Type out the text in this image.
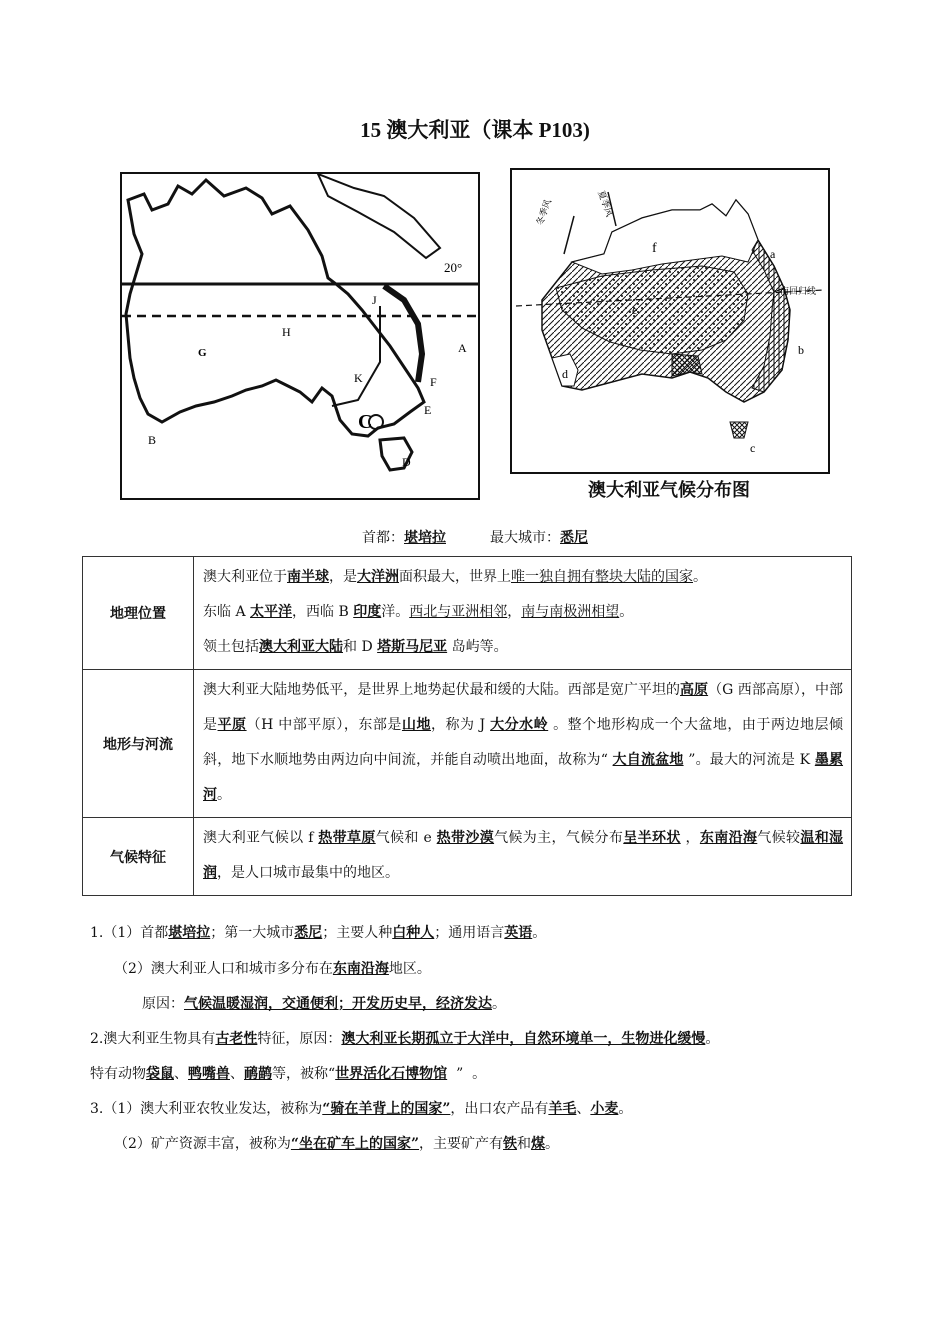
15 澳大利亚（课本 P103)
20°
J
H
A
G
K	F
E
C
B
D
冬季风	夏季风
南回归线
f	a
e
b
d
c
澳大利亚气候分布图
首都：堪培拉	最大城市：悉尼
地理位置	澳大利亚位于南半球，是大洋洲面积最大，世界上唯一独自拥有整块大陆的国家。
东临 A 太平洋，西临 B 印度洋。西北与亚洲相邻，南与南极洲相望。
领土包括澳大利亚大陆和 D 塔斯马尼亚 岛屿等。
地形与河流	澳大利亚大陆地势低平，是世界上地势起伏最和缓的大陆。西部是宽广平坦的高原（G 西部高原），中部是平原（H 中部平原），东部是山地，称为 J 大分水岭 。整个地形构成一个大盆地，由于两边地层倾斜，地下水顺地势由两边向中间流，并能自动喷出地面，故称为“ 大自流盆地 ”。最大的河流是 K 墨累河。
气候特征	澳大利亚气候以 f 热带草原气候和 e 热带沙漠气候为主，气候分布呈半环状 ，东南沿海气候较温和湿润，是人口城市最集中的地区。
1.（1）首都堪培拉；第一大城市悉尼；主要人种白种人；通用语言英语。
（2）澳大利亚人口和城市多分布在东南沿海地区。
原因：气候温暖湿润，交通便利；开发历史早，经济发达。
2.澳大利亚生物具有古老性特征，原因：澳大利亚长期孤立于大洋中，自然环境单一，生物进化缓慢。
特有动物袋鼠、鸭嘴兽、鸸鹋等，被称“世界活化石博物馆  ”  。
3.（1）澳大利亚农牧业发达，被称为“骑在羊背上的国家”，出口农产品有羊毛、小麦。
（2）矿产资源丰富，被称为“坐在矿车上的国家”，主要矿产有铁和煤。
